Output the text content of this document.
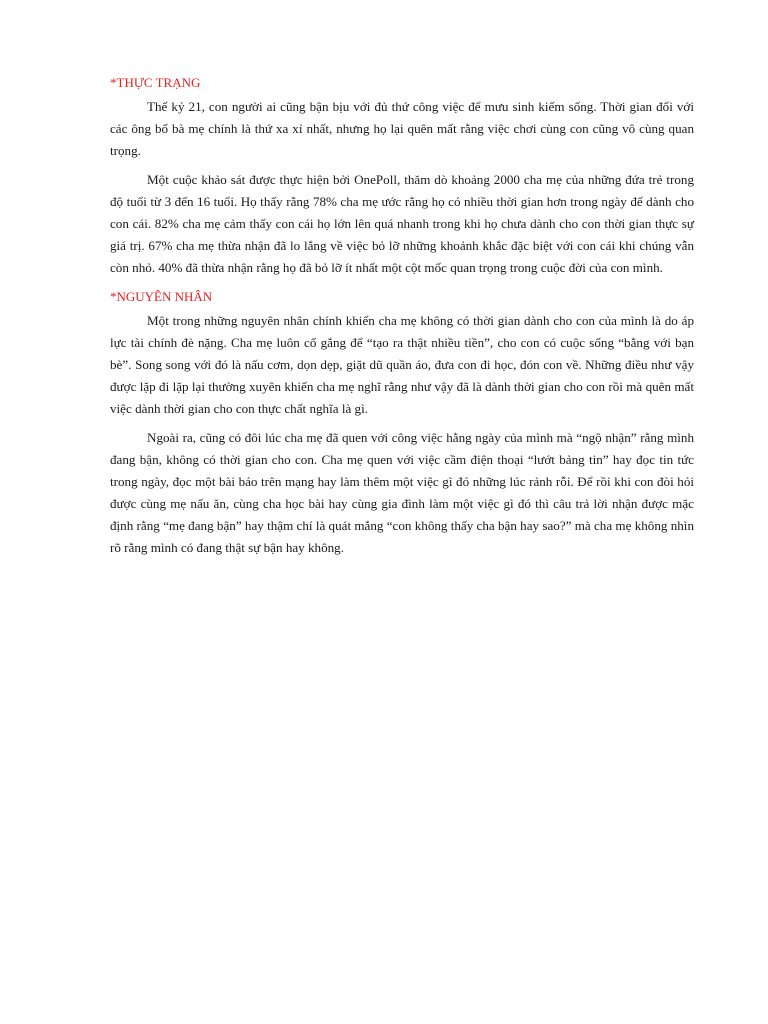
*THỰC TRẠNG

Thế kỷ 21, con người ai cũng bận bịu với đủ thứ công việc để mưu sinh kiếm sống. Thời gian đối với các ông bố bà mẹ chính là thứ xa xỉ nhất, nhưng họ lại quên mất rằng việc chơi cùng con cũng vô cùng quan trọng.

Một cuộc khảo sát được thực hiện bởi OnePoll, thăm dò khoảng 2000 cha mẹ của những đứa trẻ trong độ tuổi từ 3 đến 16 tuổi. Họ thấy rằng 78% cha mẹ ước rằng họ có nhiều thời gian hơn trong ngày để dành cho con cái. 82% cha mẹ cảm thấy con cái họ lớn lên quá nhanh trong khi họ chưa dành cho con thời gian thực sự giá trị. 67% cha mẹ thừa nhận đã lo lắng về việc bỏ lỡ những khoảnh khắc đặc biệt với con cái khi chúng vẫn còn nhỏ. 40% đã thừa nhận rằng họ đã bỏ lỡ ít nhất một cột mốc quan trọng trong cuộc đời của con mình.

*NGUYÊN NHÂN

Một trong những nguyên nhân chính khiến cha mẹ không có thời gian dành cho con của mình là do áp lực tài chính đè nặng. Cha mẹ luôn cố gắng để “tạo ra thật nhiều tiền”, cho con có cuộc sống “bằng với bạn bè”. Song song với đó là nấu cơm, dọn dẹp, giặt dũ quần áo, đưa con đi học, đón con về. Những điều như vậy được lặp đi lặp lại thường xuyên khiến cha mẹ nghĩ rằng như vậy đã là dành thời gian cho con rồi mà quên mất việc dành thời gian cho con thực chất nghĩa là gì.

Ngoài ra, cũng có đôi lúc cha mẹ đã quen với công việc hằng ngày của mình mà “ngộ nhận” rằng mình đang bận, không có thời gian cho con. Cha mẹ quen với việc cầm điện thoại “lướt bảng tin” hay đọc tin tức trong ngày, đọc một bài báo trên mạng hay làm thêm một việc gì đó những lúc rảnh rỗi. Để rồi khi con đòi hỏi được cùng mẹ nấu ăn, cùng cha học bài hay cùng gia đình làm một việc gì đó thì câu trả lời nhận được mặc định rằng “mẹ đang bận” hay thậm chí là quát mắng “con không thấy cha bận hay sao?” mà cha mẹ không nhìn rõ rằng mình có đang thật sự bận hay không.
